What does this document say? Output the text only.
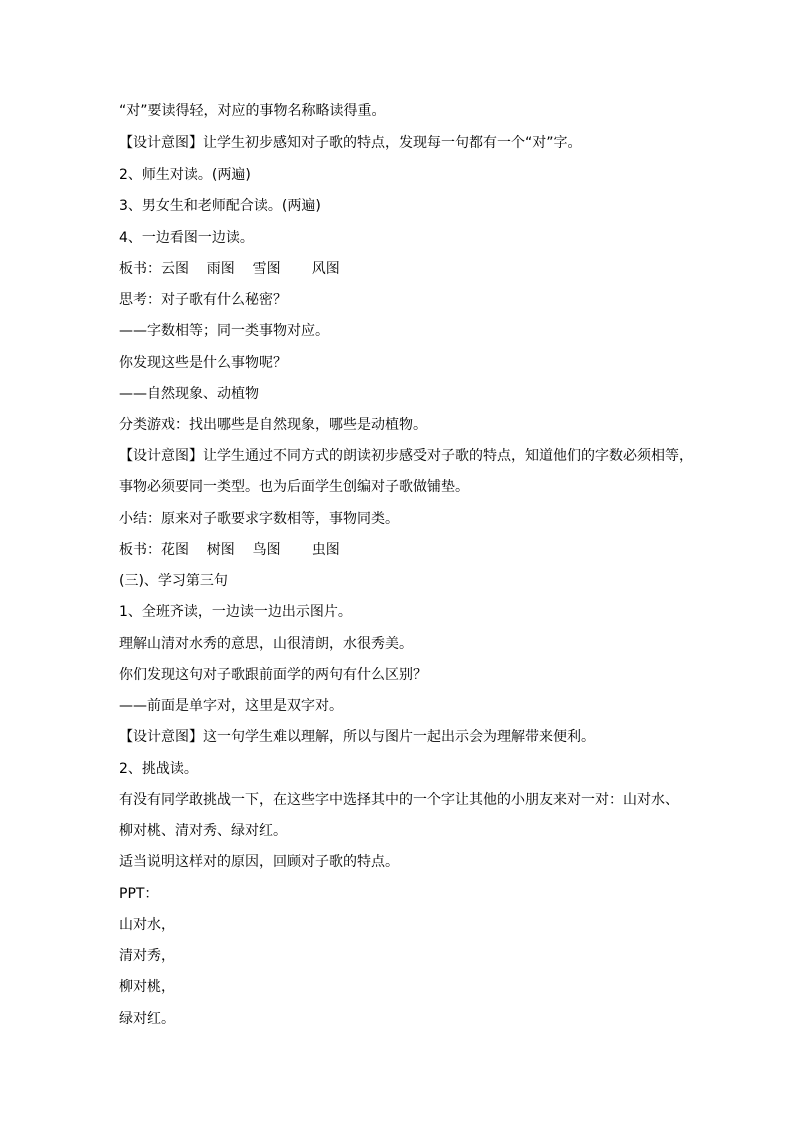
“对”要读得轻，对应的事物名称略读得重。
【设计意图】让学生初步感知对子歌的特点，发现每一句都有一个“对”字。
2、师生对读。(两遍)
3、男女生和老师配合读。(两遍)
4、一边看图一边读。
板书：云图    雨图    雪图       风图
思考：对子歌有什么秘密？
——字数相等；同一类事物对应。
你发现这些是什么事物呢？
——自然现象、动植物
分类游戏：找出哪些是自然现象，哪些是动植物。
【设计意图】让学生通过不同方式的朗读初步感受对子歌的特点，知道他们的字数必须相等，
事物必须要同一类型。也为后面学生创编对子歌做铺垫。
小结：原来对子歌要求字数相等，事物同类。
板书：花图    树图    鸟图       虫图
(三)、学习第三句
1、全班齐读，一边读一边出示图片。
理解山清对水秀的意思，山很清朗，水很秀美。
你们发现这句对子歌跟前面学的两句有什么区别？
——前面是单字对，这里是双字对。
【设计意图】这一句学生难以理解，所以与图片一起出示会为理解带来便利。
2、挑战读。
有没有同学敢挑战一下，在这些字中选择其中的一个字让其他的小朋友来对一对：山对水、
柳对桃、清对秀、绿对红。
适当说明这样对的原因，回顾对子歌的特点。
PPT：
山对水，
清对秀，
柳对桃，
绿对红。
